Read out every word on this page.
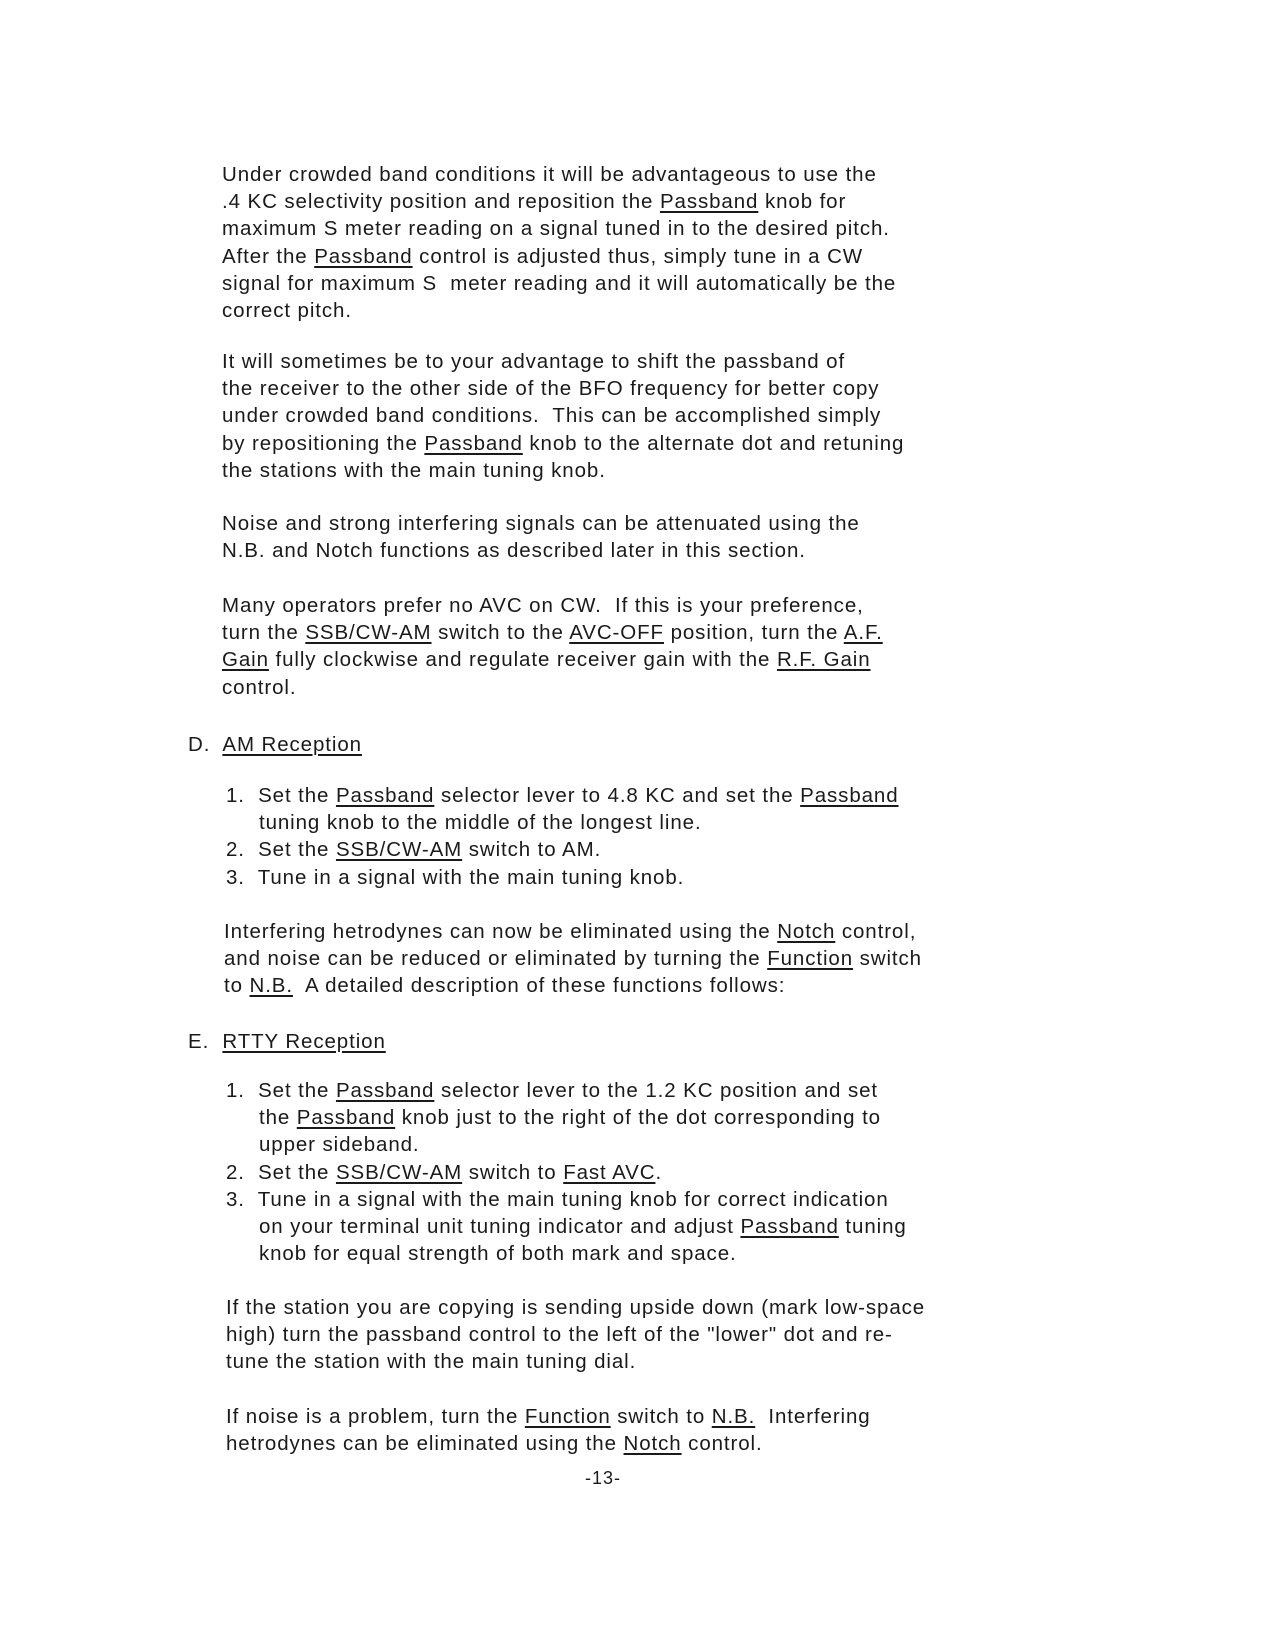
Under crowded band conditions it will be advantageous to use the
.4 KC selectivity position and reposition the Passband knob for
maximum S meter reading on a signal tuned in to the desired pitch.
After the Passband control is adjusted thus, simply tune in a CW
signal for maximum S  meter reading and it will automatically be the
correct pitch.
It will sometimes be to your advantage to shift the passband of
the receiver to the other side of the BFO frequency for better copy
under crowded band conditions.  This can be accomplished simply
by repositioning the Passband knob to the alternate dot and retuning
the stations with the main tuning knob.
Noise and strong interfering signals can be attenuated using the
N.B. and Notch functions as described later in this section.
Many operators prefer no AVC on CW.  If this is your preference,
turn the SSB/CW-AM switch to the AVC-OFF position, turn the A.F.
Gain fully clockwise and regulate receiver gain with the R.F. Gain
control.
D.  AM Reception
1.  Set the Passband selector lever to 4.8 KC and set the Passband
tuning knob to the middle of the longest line.
2.  Set the SSB/CW-AM switch to AM.
3.  Tune in a signal with the main tuning knob.
Interfering hetrodynes can now be eliminated using the Notch control,
and noise can be reduced or eliminated by turning the Function switch
to N.B.  A detailed description of these functions follows:
E.  RTTY Reception
1.  Set the Passband selector lever to the 1.2 KC position and set
the Passband knob just to the right of the dot corresponding to
upper sideband.
2.  Set the SSB/CW-AM switch to Fast AVC.
3.  Tune in a signal with the main tuning knob for correct indication
on your terminal unit tuning indicator and adjust Passband tuning
knob for equal strength of both mark and space.
If the station you are copying is sending upside down (mark low-space
high) turn the passband control to the left of the "lower" dot and re-
tune the station with the main tuning dial.
If noise is a problem, turn the Function switch to N.B.  Interfering
hetrodynes can be eliminated using the Notch control.
-13-
